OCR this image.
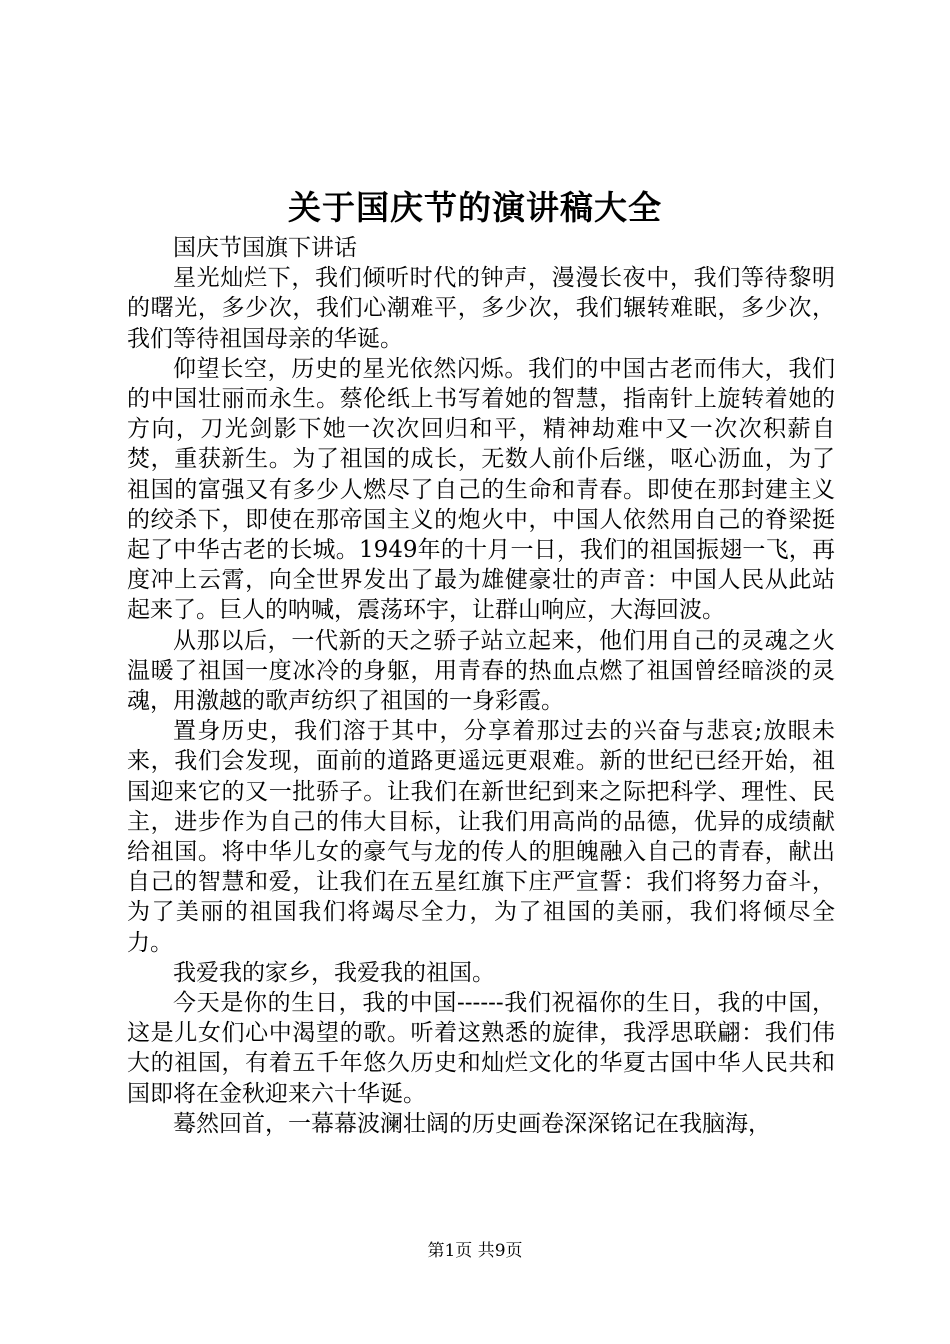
关于国庆节的演讲稿大全

国庆节国旗下讲话

星光灿烂下，我们倾听时代的钟声，漫漫长夜中，我们等待黎明的曙光，多少次，我们心潮难平，多少次，我们辗转难眠，多少次，我们等待祖国母亲的华诞。

仰望长空，历史的星光依然闪烁。我们的中国古老而伟大，我们的中国壮丽而永生。蔡伦纸上书写着她的智慧，指南针上旋转着她的方向，刀光剑影下她一次次回归和平，精神劫难中又一次次积薪自焚，重获新生。为了祖国的成长，无数人前仆后继，呕心沥血，为了祖国的富强又有多少人燃尽了自己的生命和青春。即使在那封建主义的绞杀下，即使在那帝国主义的炮火中，中国人依然用自己的脊梁挺起了中华古老的长城。1949年的十月一日，我们的祖国振翅一飞，再度冲上云霄，向全世界发出了最为雄健豪壮的声音：中国人民从此站起来了。巨人的呐喊，震荡环宇，让群山响应，大海回波。

从那以后，一代新的天之骄子站立起来，他们用自己的灵魂之火温暖了祖国一度冰冷的身躯，用青春的热血点燃了祖国曾经暗淡的灵魂，用激越的歌声纺织了祖国的一身彩霞。

置身历史，我们溶于其中，分享着那过去的兴奋与悲哀;放眼未来，我们会发现，面前的道路更遥远更艰难。新的世纪已经开始，祖国迎来它的又一批骄子。让我们在新世纪到来之际把科学、理性、民主，进步作为自己的伟大目标，让我们用高尚的品德，优异的成绩献给祖国。将中华儿女的豪气与龙的传人的胆魄融入自己的青春，献出自己的智慧和爱，让我们在五星红旗下庄严宣誓：我们将努力奋斗，为了美丽的祖国我们将竭尽全力，为了祖国的美丽，我们将倾尽全力。

我爱我的家乡，我爱我的祖国。

今天是你的生日，我的中国------我们祝福你的生日，我的中国，这是儿女们心中渴望的歌。听着这熟悉的旋律，我浮思联翩：我们伟大的祖国，有着五千年悠久历史和灿烂文化的华夏古国中华人民共和国即将在金秋迎来六十华诞。

蓦然回首，一幕幕波澜壮阔的历史画卷深深铭记在我脑海，

第1页 共9页
